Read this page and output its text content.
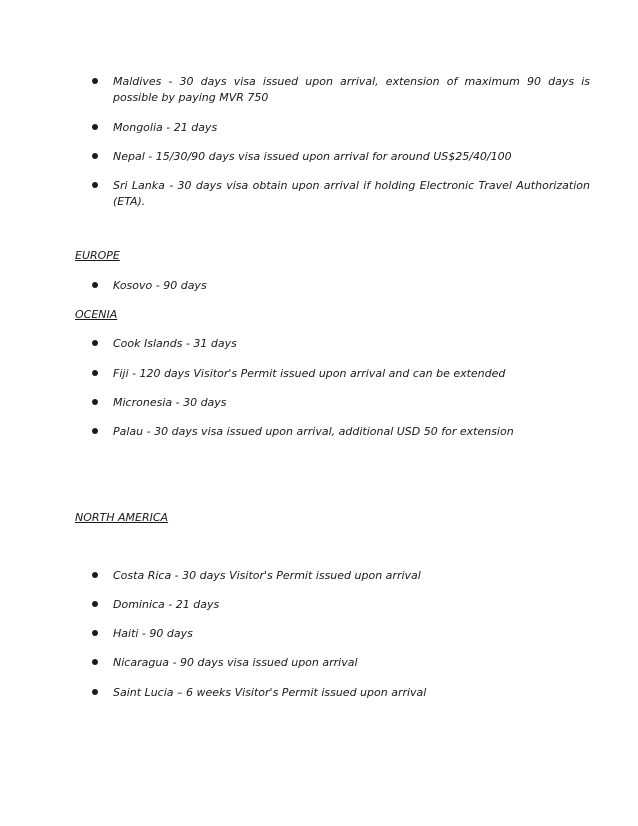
Maldives - 30 days visa issued upon arrival, extension of maximum 90 days is possible by paying MVR 750
Mongolia - 21 days
Nepal - 15/30/90 days visa issued upon arrival for around US$25/40/100
Sri Lanka - 30 days visa obtain upon arrival if holding Electronic Travel Authorization (ETA).
EUROPE
Kosovo - 90 days
OCENIA
Cook Islands - 31 days
Fiji - 120 days Visitor's Permit issued upon arrival and can be extended
Micronesia - 30 days
Palau - 30 days visa issued upon arrival, additional USD 50 for extension
NORTH AMERICA
Costa Rica - 30 days Visitor's Permit issued upon arrival
Dominica - 21 days
Haiti - 90 days
Nicaragua - 90 days visa issued upon arrival
Saint Lucia – 6 weeks Visitor's Permit issued upon arrival
